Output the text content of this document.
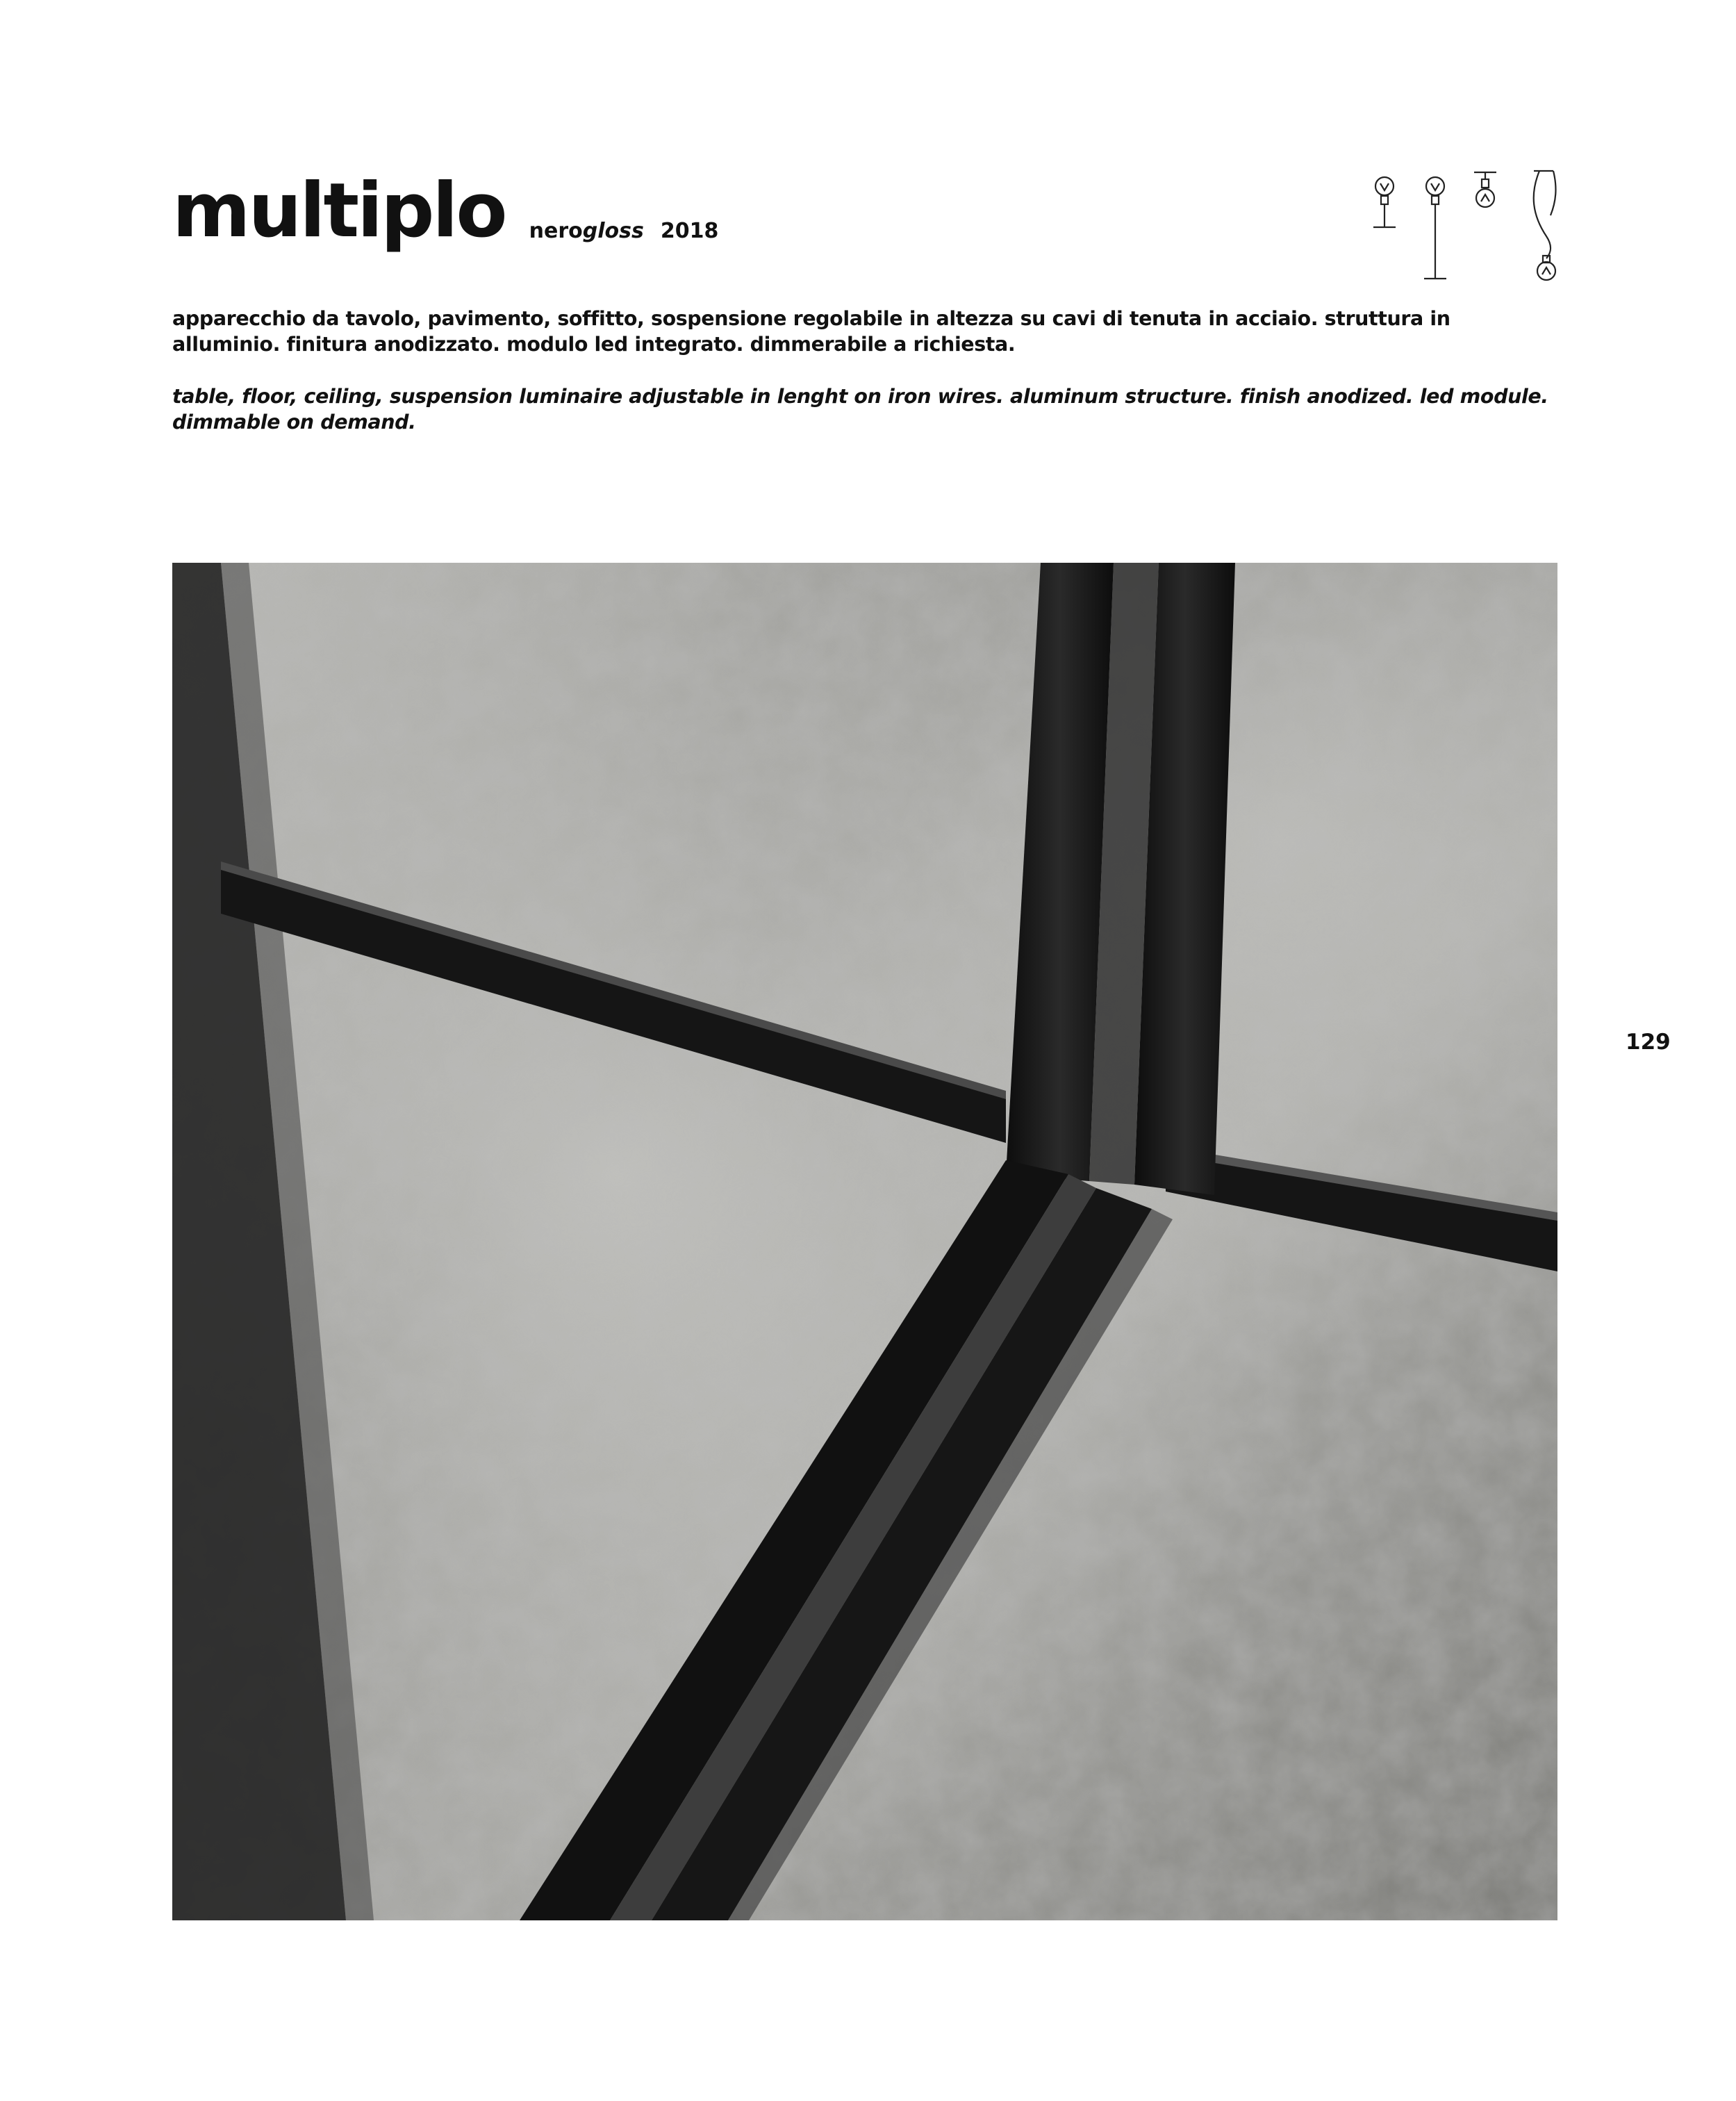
multiplo nerogloss 2018
apparecchio da tavolo, pavimento, soffitto, sospensione regolabile in altezza su cavi di tenuta in acciaio. struttura in alluminio. finitura anodizzato. modulo led integrato. dimmerabile a richiesta.
table, floor, ceiling, suspension luminaire adjustable in lenght on iron wires. aluminum structure. finish anodized. led module. dimmable on demand.
129
